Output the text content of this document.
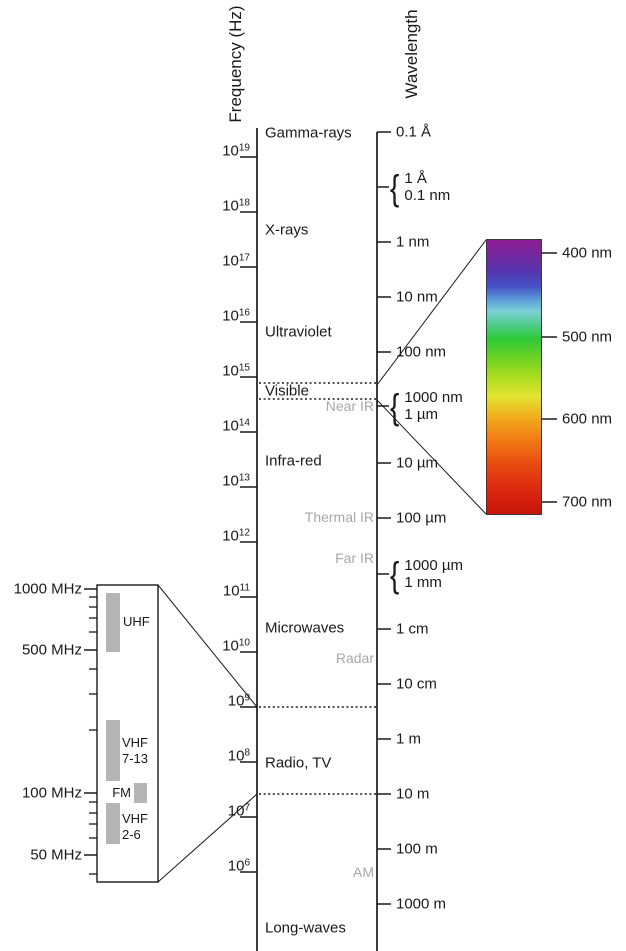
Frequency (Hz)	Wavelength
$10^{19}$
$10^{18}$
$10^{17}$
$10^{16}$
$10^{15}$
$10^{14}$
$10^{13}$
$10^{12}$
$10^{11}$
$10^{10}$
$10^9$
$10^8$
$10^7$
$10^6$
0.1 Å
1 nm
10 nm
100 nm
10 µm
100 µm
1 cm
10 cm
1 m
10 m
100 m
1000 m
{ 1 Å
0.1 nm
{ 1000 nm
1 µm
{ 1000 µm
1 mm
Gamma-rays
X-rays
Ultraviolet
Visible
Infra-red
Microwaves
Radio, TV
Long-waves
Near IR
Thermal IR
Far IR
Radar
AM
400 nm
500 nm
600 nm
700 nm
1000 MHz
500 MHz
100 MHz
50 MHz
UHF
VHF
7-13
FM
VHF
2-6
